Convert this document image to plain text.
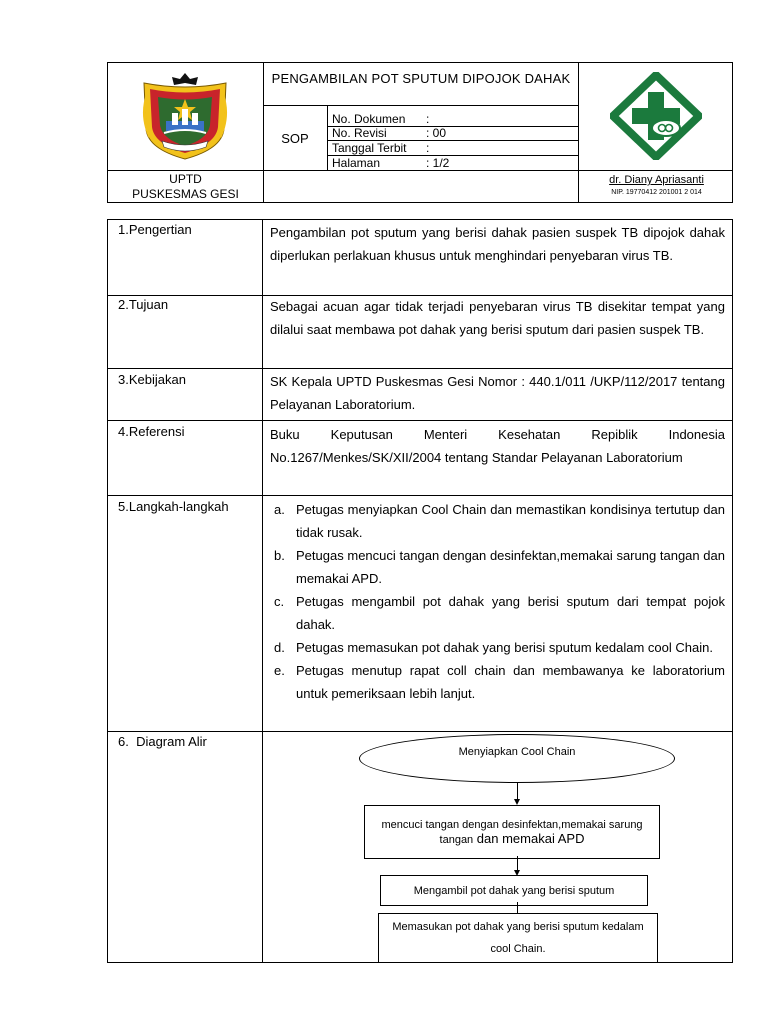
PENGAMBILAN POT SPUTUM DIPOJOK DAHAK
SOP
No. Dokumen :
No. Revisi	: 00
Tanggal Terbit :
Halaman	: 1/2
UPTD
PUSKESMAS GESI
dr. Diany Apriasanti
NIP. 19770412 201001 2 014
1.Pengertian	Pengambilan pot sputum yang berisi dahak pasien suspek TB dipojok dahak diperlukan perlakuan khusus untuk menghindari penyebaran virus TB.
2.Tujuan	Sebagai acuan agar tidak terjadi penyebaran virus TB disekitar tempat yang dilalui saat membawa pot dahak yang berisi sputum dari pasien suspek TB.
3.Kebijakan	SK Kepala UPTD Puskesmas Gesi Nomor : 440.1/011 /UKP/112/2017 tentang Pelayanan Laboratorium.
4.Referensi	Buku Keputusan Menteri Kesehatan Repiblik Indonesia No.1267/Menkes/SK/XII/2004 tentang Standar Pelayanan Laboratorium
5.Langkah-langkah	a. Petugas menyiapkan Cool Chain dan memastikan kondisinya tertutup dan tidak rusak.
b. Petugas mencuci tangan dengan desinfektan,memakai sarung tangan dan memakai APD.
c. Petugas mengambil pot dahak yang berisi sputum dari tempat pojok dahak.
d. Petugas memasukan pot dahak yang berisi sputum kedalam cool Chain.
e. Petugas menutup rapat coll chain dan membawanya ke laboratorium untuk pemeriksaan lebih lanjut.
6.  Diagram Alir
Menyiapkan Cool Chain
mencuci tangan dengan desinfektan,memakai sarung tangan dan memakai APD
Mengambil pot dahak yang berisi sputum
Memasukan pot dahak yang berisi sputum kedalam cool Chain.
